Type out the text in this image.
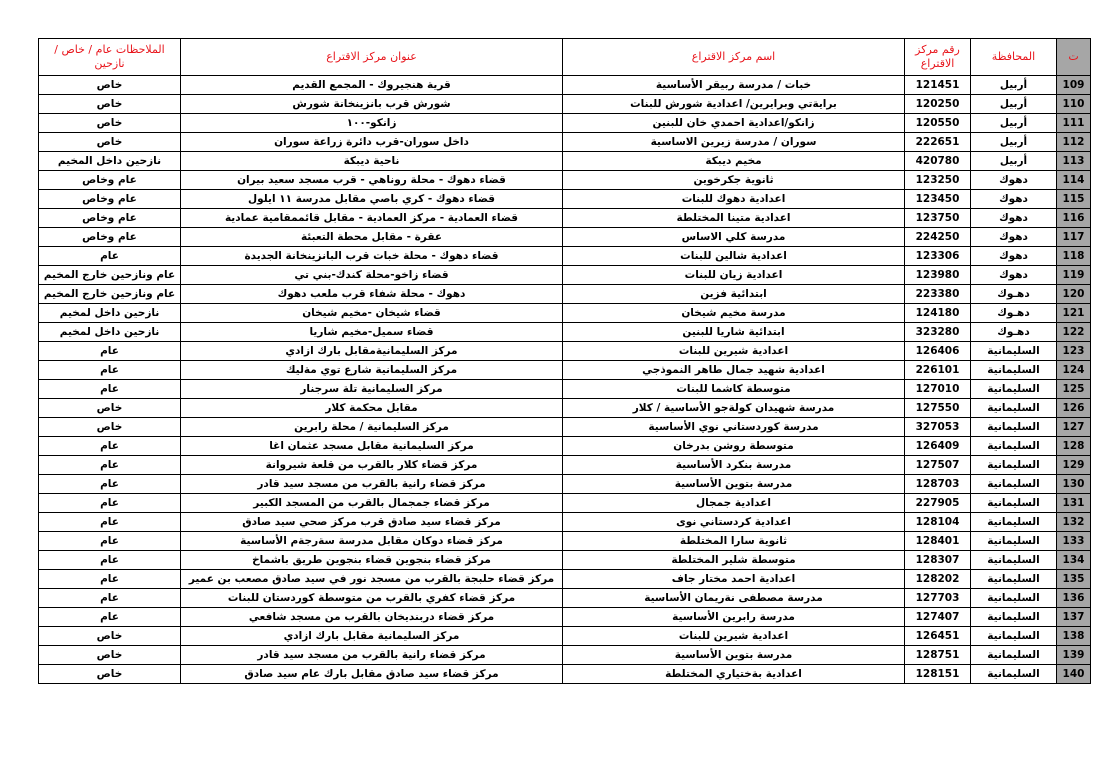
ت	المحافظة	رقم مركز الاقتراع	اسم مركز الاقتراع	عنوان مركز الاقتراع	الملاحظات عام / خاص / نازحين
109	أربيل	121451	خبات / مدرسة ربيقر الأساسية	قرية هنجيروك - المجمع القديم	خاص
110	أربيل	120250	برايةتي وبرايرين/ اعدادية شورش للبنات	شورش قرب بانزينخانة شورش	خاص
111	أربيل	120550	زانكو/اعدادية احمدي خان للبنين	زانكو-١٠٠	خاص
112	أربيل	222651	سوران / مدرسة زيرين الاساسية	داخل سوران-قرب دائرة زراعة سوران	خاص
113	أربيل	420780	مخيم ديبكة	ناحية ديبكة	نازحين داخل المخيم
114	دهوك	123250	ثانوية جكرخوين	قضاء دهوك - محلة روناهي - قرب مسجد سعيد بيران	عام وخاص
115	دهوك	123450	اعدادية دهوك للبنات	قضاء دهوك - كري باصي مقابل مدرسة ١١ ايلول	عام وخاص
116	دهوك	123750	اعدادية متينا المختلطة	قضاء العمادية - مركز العمادية - مقابل قائممقامية عمادية	عام وخاص
117	دهوك	224250	مدرسة كلي الاساس	عقرة - مقابل محطة التعبئة	عام وخاص
118	دهوك	123306	اعدادية شالين للبنات	قضاء دهوك - محلة خبات قرب البانزينخانة الجديدة	عام
119	دهوك	123980	اعدادية زيان للبنات	قضاء زاخو-محلة كندك-بني تي	عام ونازحين خارج المخيم
120	دهـوك	223380	ابتدائية فزين	دهوك - محلة شفاء قرب ملعب دهوك	عام ونازحين خارج المخيم
121	دهـوك	124180	مدرسة مخيم شيخان	قضاء شيخان -مخيم شيخان	نازحين داخل لمخيم
122	دهـوك	323280	ابتدائية شاريا للبنين	قضاء سميل-مخيم شاريا	نازحين داخل لمخيم
123	السليمانية	126406	اعدادية شيرين للبنات	مركز السليمانيةمقابل بارك ازادي	عام
124	السليمانية	226101	اعدادية شهيد جمال طاهر النموذجي	مركز السليمانية شارع توي مةليك	عام
125	السليمانية	127010	متوسطة كاشما للبنات	مركز السليمانية تلة سرجنار	عام
126	السليمانية	127550	مدرسة شهيدان كولةجو الأساسية / كلار	مقابل محكمة كلار	خاص
127	السليمانية	327053	مدرسة كوردستاني نوي الأساسية	مركز السليمانية / محلة رابرين	خاص
128	السليمانية	126409	متوسطة روشن بدرخان	مركز السليمانية مقابل مسجد عثمان اغا	عام
129	السليمانية	127507	مدرسة بنكرد الأساسية	مركز قضاء كلار بالقرب من قلعة شيروانة	عام
130	السليمانية	128703	مدرسة بتوين الأساسية	مركز قضاء رانية بالقرب من مسجد سيد قادر	عام
131	السليمانية	227905	اعدادية جمجال	مركز قضاء جمجمال بالقرب من المسجد الكبير	عام
132	السليمانية	128104	اعدادية كردستاني نوى	مركز قضاء سيد صادق قرب مركز صحي سيد صادق	عام
133	السليمانية	128401	ثانوية سارا المختلطة	مركز قضاء دوكان مقابل مدرسة سةرجةم الأساسية	عام
134	السليمانية	128307	متوسطة شلير المختلطة	مركز قضاء بنجوين قضاء بنجوين طريق باشماخ	عام
135	السليمانية	128202	اعدادية احمد مختار جاف	مركز قضاء حلبجة بالقرب من مسجد نور في سيد صادق مصعب بن عمير	عام
136	السليمانية	127703	مدرسة مصطفى نةريمان الأساسية	مركز قضاء كفري بالقرب من متوسطة كوردستان للبنات	عام
137	السليمانية	127407	مدرسة رابرين الأساسية	مركز قضاء دربنديخان بالقرب من مسجد شافعي	عام
138	السليمانية	126451	اعدادية شيرين للبنات	مركز السليمانية مقابل بارك ازادي	خاص
139	السليمانية	128751	مدرسة بتوين الأساسية	مركز قضاء رانية بالقرب من مسجد سيد قادر	خاص
140	السليمانية	128151	اعدادية بةختياري المختلطة	مركز قضاء سيد صادق مقابل بارك عام سيد صادق	خاص
